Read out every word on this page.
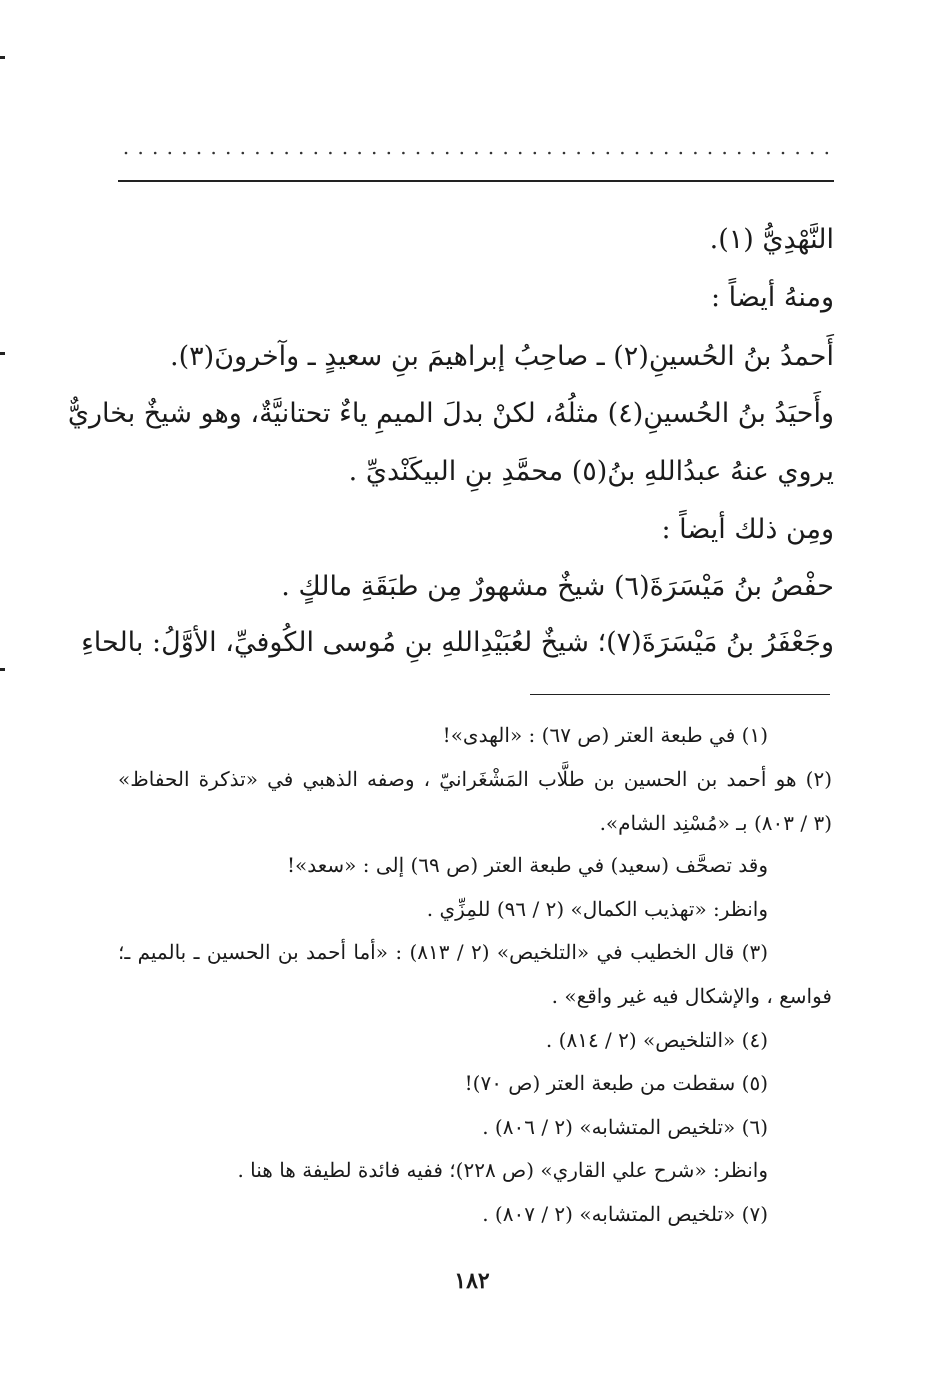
النَّهْدِيُّ (١).
ومنهُ أيضاً :
أَحمدُ بنُ الحُسينِ(٢) ـ صاحِبُ إبراهيمَ بنِ سعيدٍ ـ وآخرونَ(٣).
وأَحيَدُ بنُ الحُسينِ(٤) مثلُهُ، لكنْ بدلَ الميمِ ياءٌ تحتانيَّةٌ، وهو شيخٌ بخاريٌّ
يروي عنهُ عبدُاللهِ بنُ(٥) محمَّدِ بنِ البيكَنْديِّ .
ومِن ذلك أيضاً :
حفْصُ بنُ مَيْسَرَةَ(٦) شيخٌ مشهورٌ مِن طبَقَةِ مالكٍ .
وجَعْفَرُ بنُ مَيْسَرَةَ(٧)؛ شيخٌ لعُبَيْدِاللهِ بنِ مُوسى الكُوفيِّ، الأوَّلُ: بالحاءِ
(١) في طبعة العتر (ص ٦٧) : «الهدى»!
(٢) هو أحمد بن الحسين بن طلَّاب المَشْغَرانيّ ، وصفه الذهبي في «تذكرة الحفاظ»
(٣ / ٨٠٣) بـ «مُسْنِد الشام».
وقد تصحَّف (سعيد) في طبعة العتر (ص ٦٩) إلى : «سعد»!
وانظر: «تهذيب الكمال» (٢ / ٩٦) للمِزِّي .
(٣) قال الخطيب في «التلخيص» (٢ / ٨١٣) : «أما أحمد بن الحسين ـ بالميم ـ؛
فواسع ، والإشكال فيه غير واقع» .
(٤) «التلخيص» (٢ / ٨١٤) .
(٥) سقطت من طبعة العتر (ص ٧٠)!
(٦) «تلخيص المتشابه» (٢ / ٨٠٦) .
وانظر: «شرح علي القاري» (ص ٢٢٨)؛ ففيه فائدة لطيفة ها هنا .
(٧) «تلخيص المتشابه» (٢ / ٨٠٧) .
١٨٢
